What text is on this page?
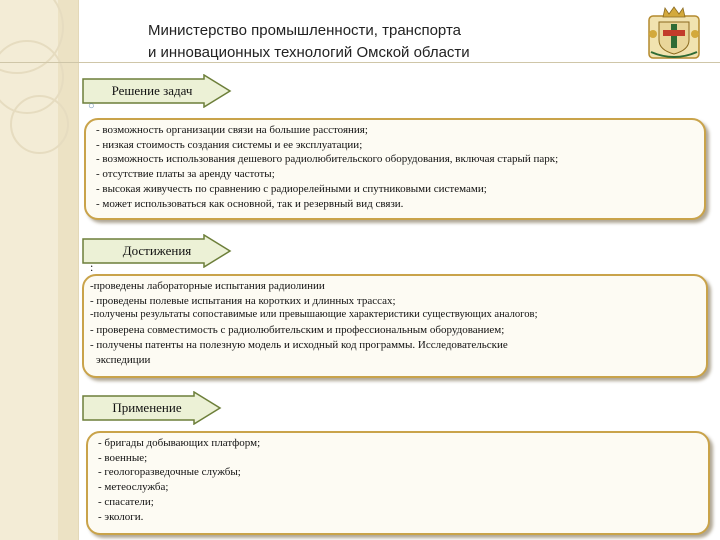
Министерство промышленности, транспорта
и инновационных технологий Омской области
Решение задач
○
- возможность организации связи на большие расстояния;
- низкая стоимость создания системы и ее эксплуатации;
- возможность использования дешевого радиолюбительского оборудования, включая старый парк;
- отсутствие платы за аренду частоты;
- высокая живучесть по сравнению с радиорелейными и спутниковыми системами;
- может использоваться как основной, так и резервный вид связи.
Достижения
:
-проведены лабораторные испытания радиолинии
- проведены полевые испытания на коротких и длинных трассах;
-получены результаты сопоставимые или превышающие характеристики существующих аналогов;
- проверена совместимость с радиолюбительским и профессиональным оборудованием;
- получены патенты на полезную модель и исходный код программы. Исследовательские
экспедиции
Применение
- бригады добывающих платформ;
- военные;
- геологоразведочные службы;
- метеослужба;
- спасатели;
- экологи.
